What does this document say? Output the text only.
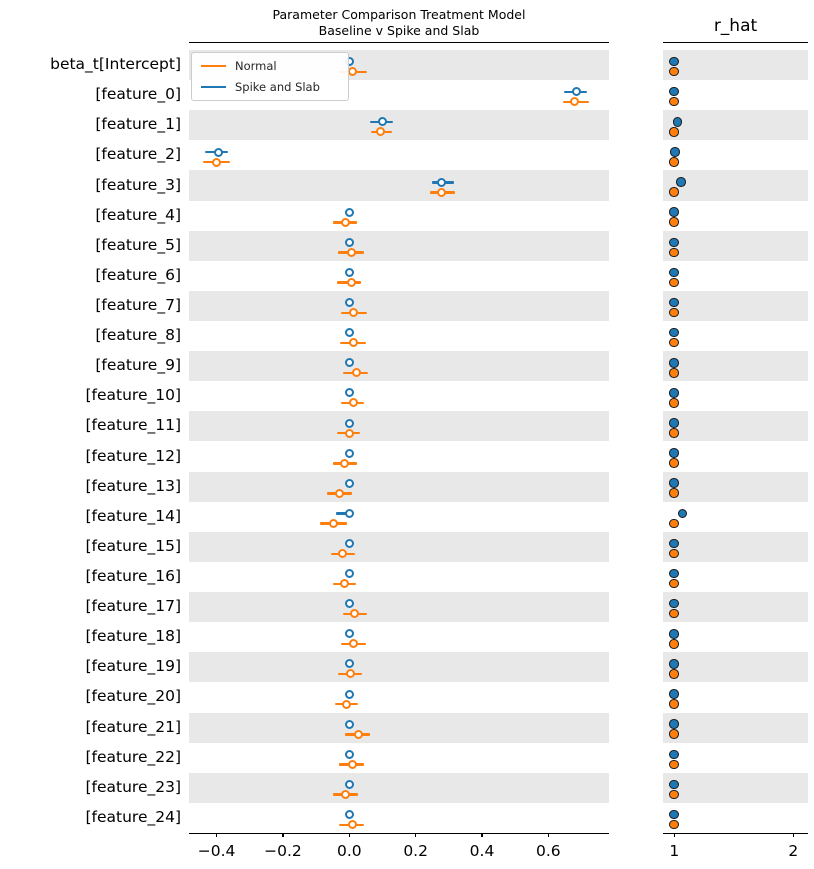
Parameter Comparison Treatment Model
Baseline v Spike and Slab	r_hat
beta_t[Intercept]
[feature_0]
[feature_1]
[feature_2]
[feature_3]
[feature_4]
[feature_5]
[feature_6]
[feature_7]
[feature_8]
[feature_9]
[feature_10]
[feature_11]
[feature_12]
[feature_13]
[feature_14]
[feature_15]
[feature_16]
[feature_17]
[feature_18]
[feature_19]
[feature_20]
[feature_21]
[feature_22]
[feature_23]
[feature_24]
−0.4 −0.2 0.0	0.2	0.4	0.6	1	2
Normal
Spike and Slab
